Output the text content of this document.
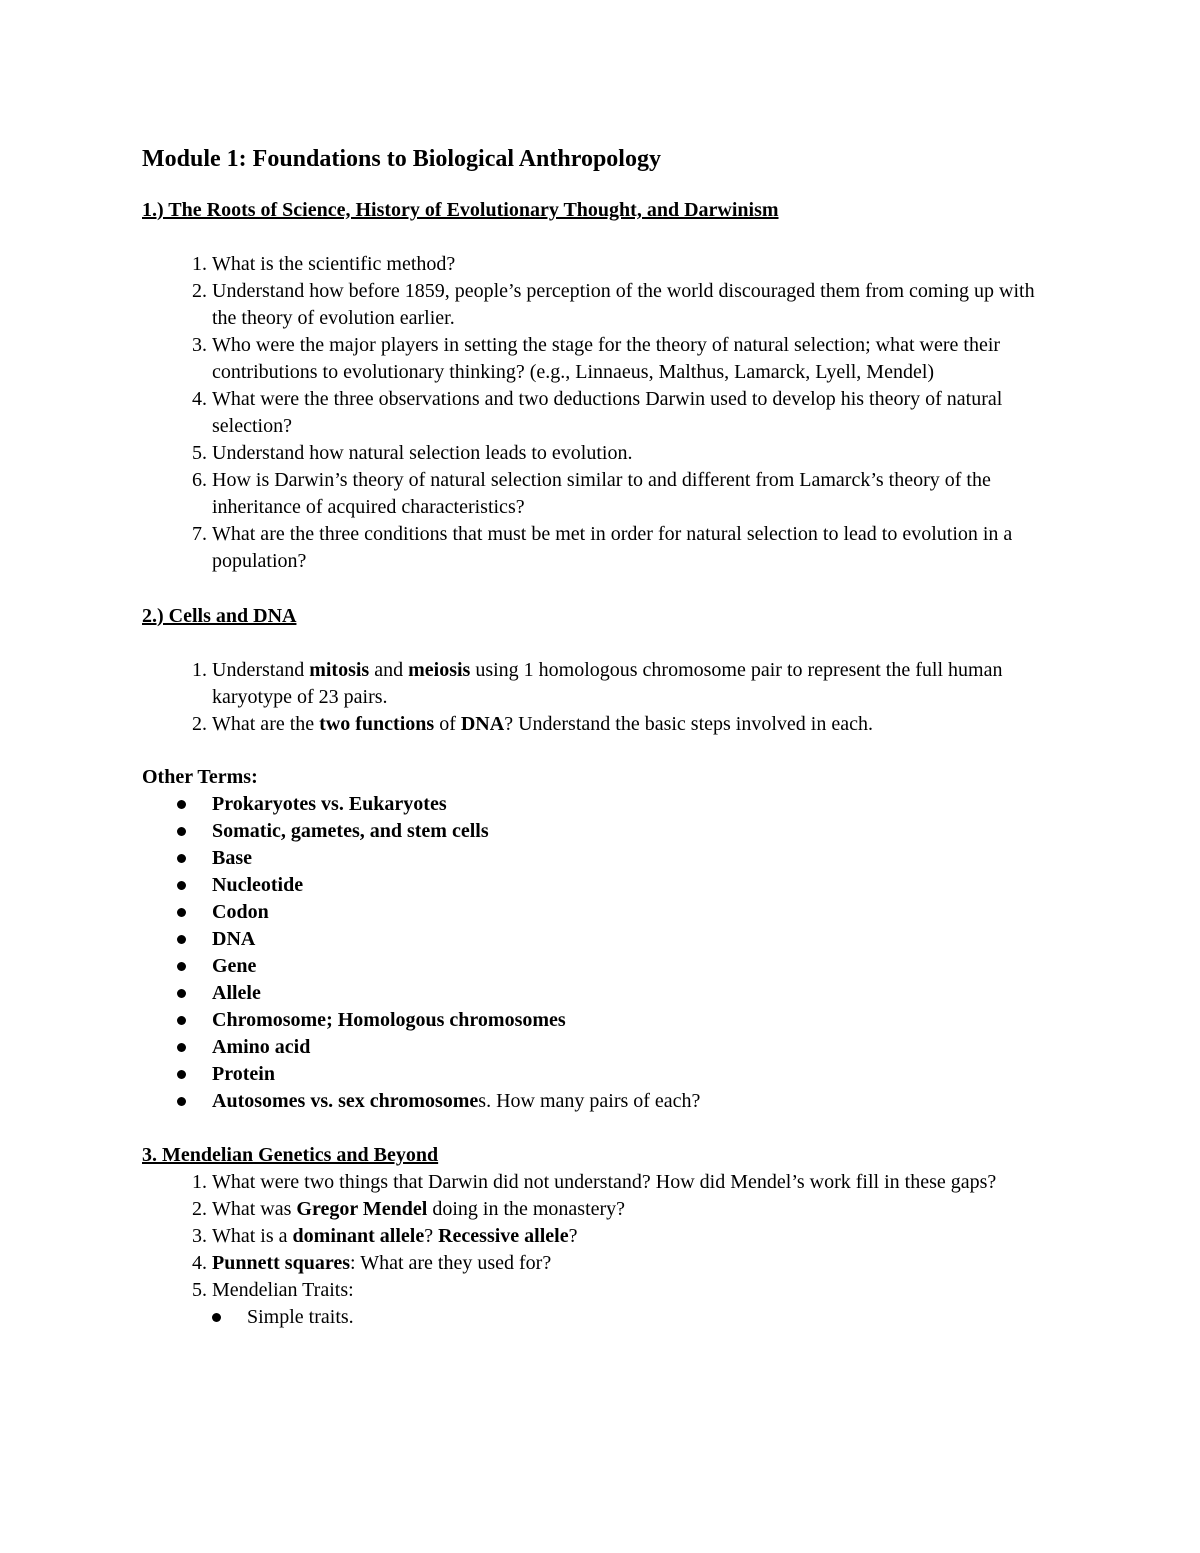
Module 1: Foundations to Biological Anthropology
1.) The Roots of Science, History of Evolutionary Thought, and Darwinism
1. What is the scientific method?
2. Understand how before 1859, people’s perception of the world discouraged them from coming up with the theory of evolution earlier.
3. Who were the major players in setting the stage for the theory of natural selection; what were their contributions to evolutionary thinking? (e.g., Linnaeus, Malthus, Lamarck, Lyell, Mendel)
4. What were the three observations and two deductions Darwin used to develop his theory of natural selection?
5. Understand how natural selection leads to evolution.
6. How is Darwin’s theory of natural selection similar to and different from Lamarck’s theory of the inheritance of acquired characteristics?
7. What are the three conditions that must be met in order for natural selection to lead to evolution in a population?
2.) Cells and DNA
1. Understand mitosis and meiosis using 1 homologous chromosome pair to represent the full human karyotype of 23 pairs.
2. What are the two functions of DNA? Understand the basic steps involved in each.
Other Terms:
Prokaryotes vs. Eukaryotes
Somatic, gametes, and stem cells
Base
Nucleotide
Codon
DNA
Gene
Allele
Chromosome; Homologous chromosomes
Amino acid
Protein
Autosomes vs. sex chromosomes. How many pairs of each?
3. Mendelian Genetics and Beyond
1. What were two things that Darwin did not understand? How did Mendel’s work fill in these gaps?
2. What was Gregor Mendel doing in the monastery?
3. What is a dominant allele? Recessive allele?
4. Punnett squares: What are they used for?
5. Mendelian Traits:
Simple traits.
